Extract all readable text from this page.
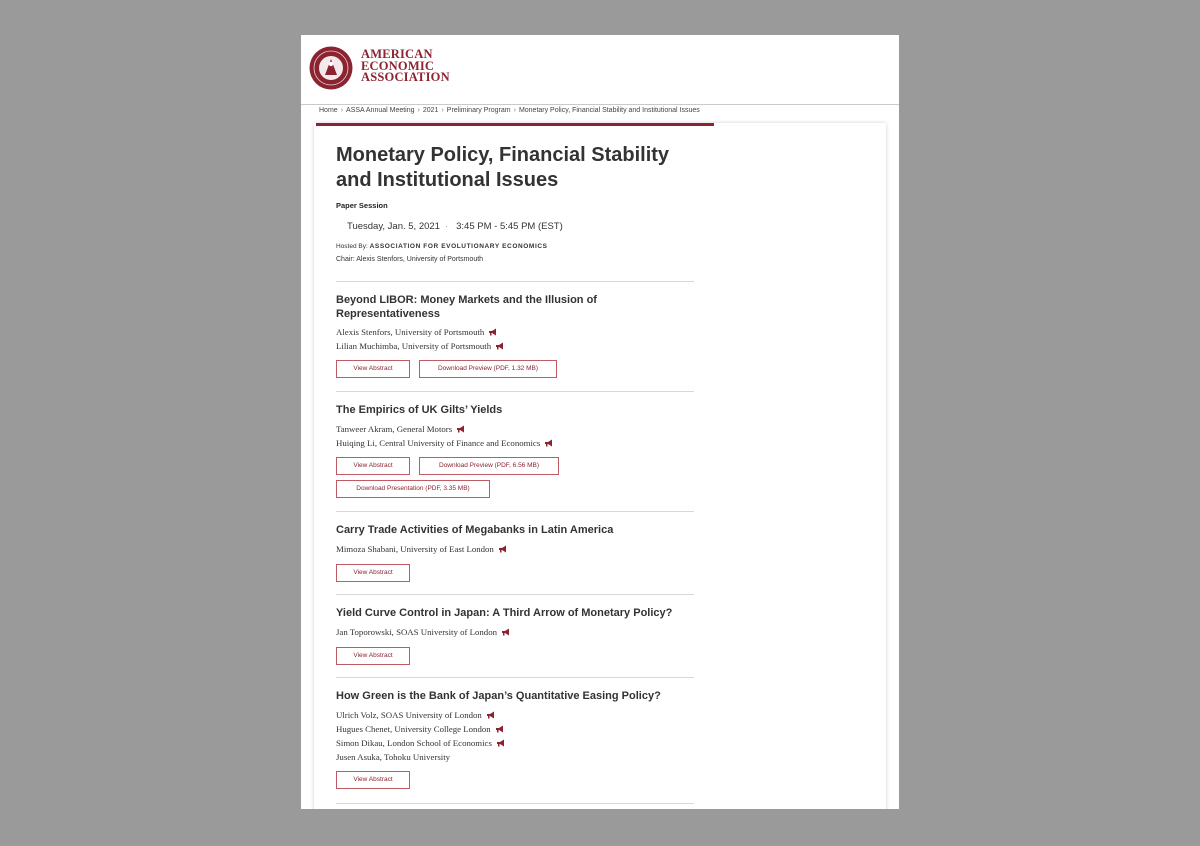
AMERICAN
ECONOMIC
ASSOCIATION
Home › ASSA Annual Meeting › 2021 › Preliminary Program › Monetary Policy, Financial Stability and Institutional Issues
Monetary Policy, Financial Stability and Institutional Issues
Paper Session
Tuesday, Jan. 5, 2021 · 3:45 PM - 5:45 PM (EST)
Hosted By: ASSOCIATION FOR EVOLUTIONARY ECONOMICS
Chair: Alexis Stenfors, University of Portsmouth
Beyond LIBOR: Money Markets and the Illusion of Representativeness
Alexis Stenfors, University of Portsmouth
Lilian Muchimba, University of Portsmouth
View Abstract	Download Preview (PDF, 1.32 MB)
The Empirics of UK Gilts’ Yields
Tanweer Akram, General Motors
Huiqing Li, Central University of Finance and Economics
View Abstract	Download Preview (PDF, 6.56 MB)
Download Presentation (PDF, 3.35 MB)
Carry Trade Activities of Megabanks in Latin America
Mimoza Shabani, University of East London
View Abstract
Yield Curve Control in Japan: A Third Arrow of Monetary Policy?
Jan Toporowski, SOAS University of London
View Abstract
How Green is the Bank of Japan’s Quantitative Easing Policy?
Ulrich Volz, SOAS University of London
Hugues Chenet, University College London
Simon Dikau, London School of Economics
Jusen Asuka, Tohoku University
View Abstract
